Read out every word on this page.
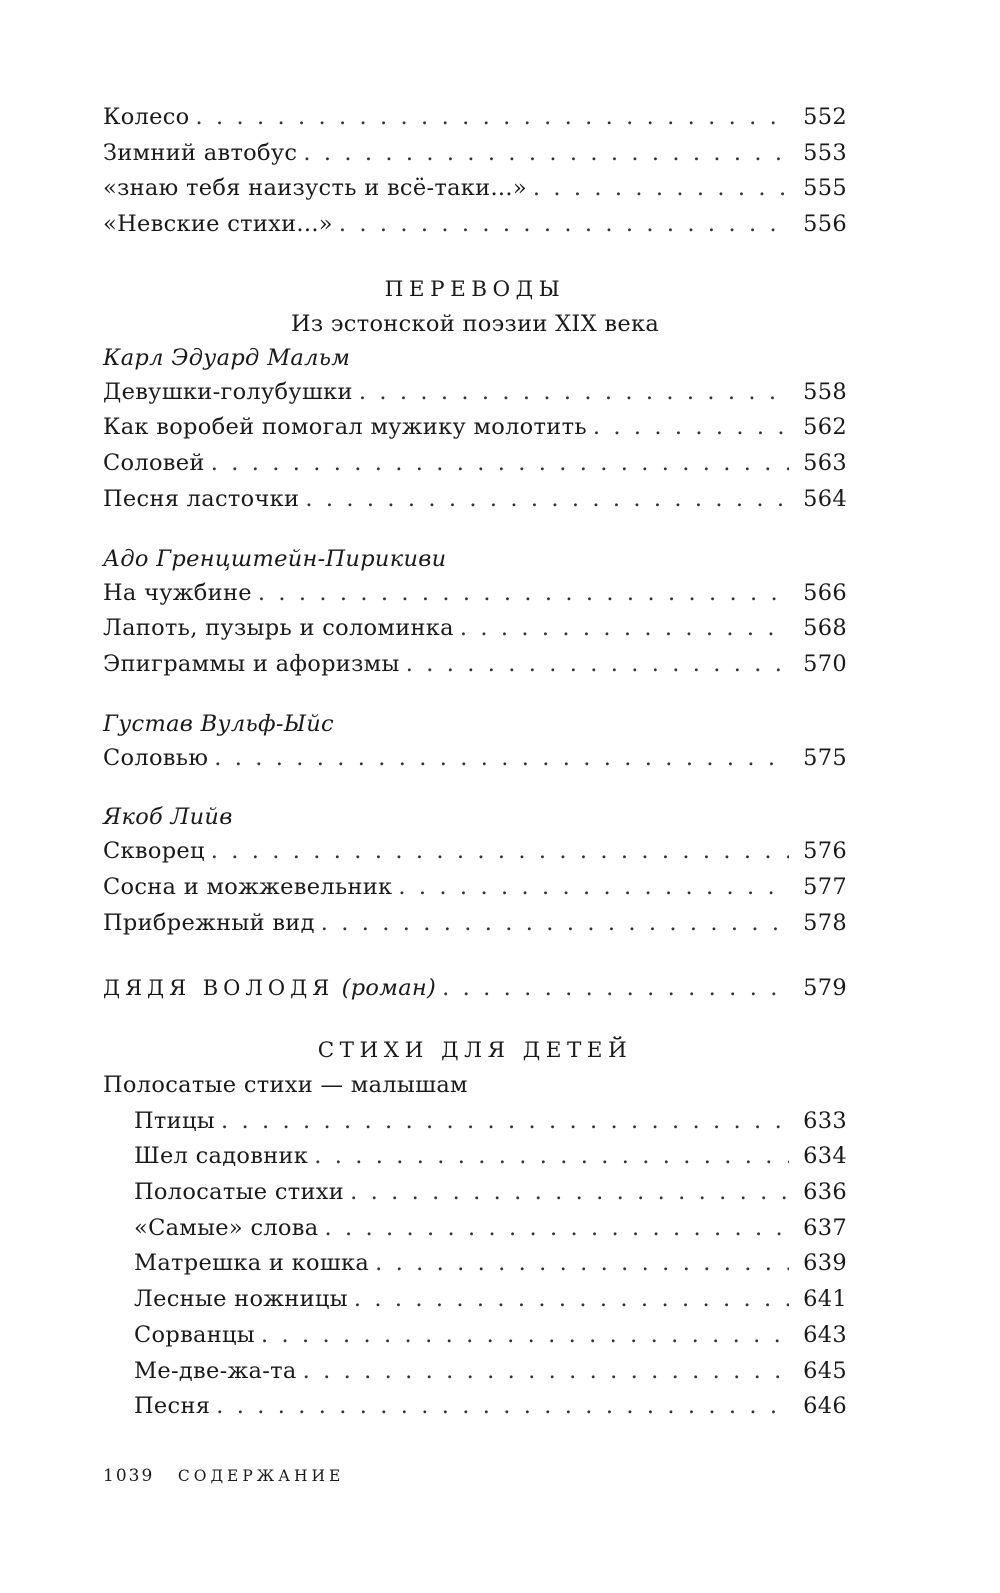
Колесо . . .	552
Зимний автобус . . .	553
«знаю тебя наизусть и всё-таки...» . . .	555
«Невские стихи...» . . .	556
ПЕРЕВОДЫ
Из эстонской поэзии XIX века
Карл Эдуард Мальм
Девушки-голубушки . . .	558
Как воробей помогал мужику молотить . . .	562
Соловей . . .	563
Песня ласточки . . .	564
Адо Гренцштейн-Пирикиви
На чужбине . . .	566
Лапоть, пузырь и соломинка . . .	568
Эпиграммы и афоризмы . . .	570
Густав Вульф-Ыйс
Соловью . . .	575
Якоб Лийв
Скворец . . .	576
Сосна и можжевельник . . .	577
Прибрежный вид . . .	578
ДЯДЯ ВОЛОДЯ (роман) . . .	579
СТИХИ ДЛЯ ДЕТЕЙ
Полосатые стихи — малышам
Птицы . . .	633
Шел садовник . . .	634
Полосатые стихи . . .	636
«Самые» слова . . .	637
Матрешка и кошка . . .	639
Лесные ножницы . . .	641
Сорванцы . . .	643
Ме-две-жа-та . . .	645
Песня . . .	646
1039 СОДЕРЖАНИЕ
